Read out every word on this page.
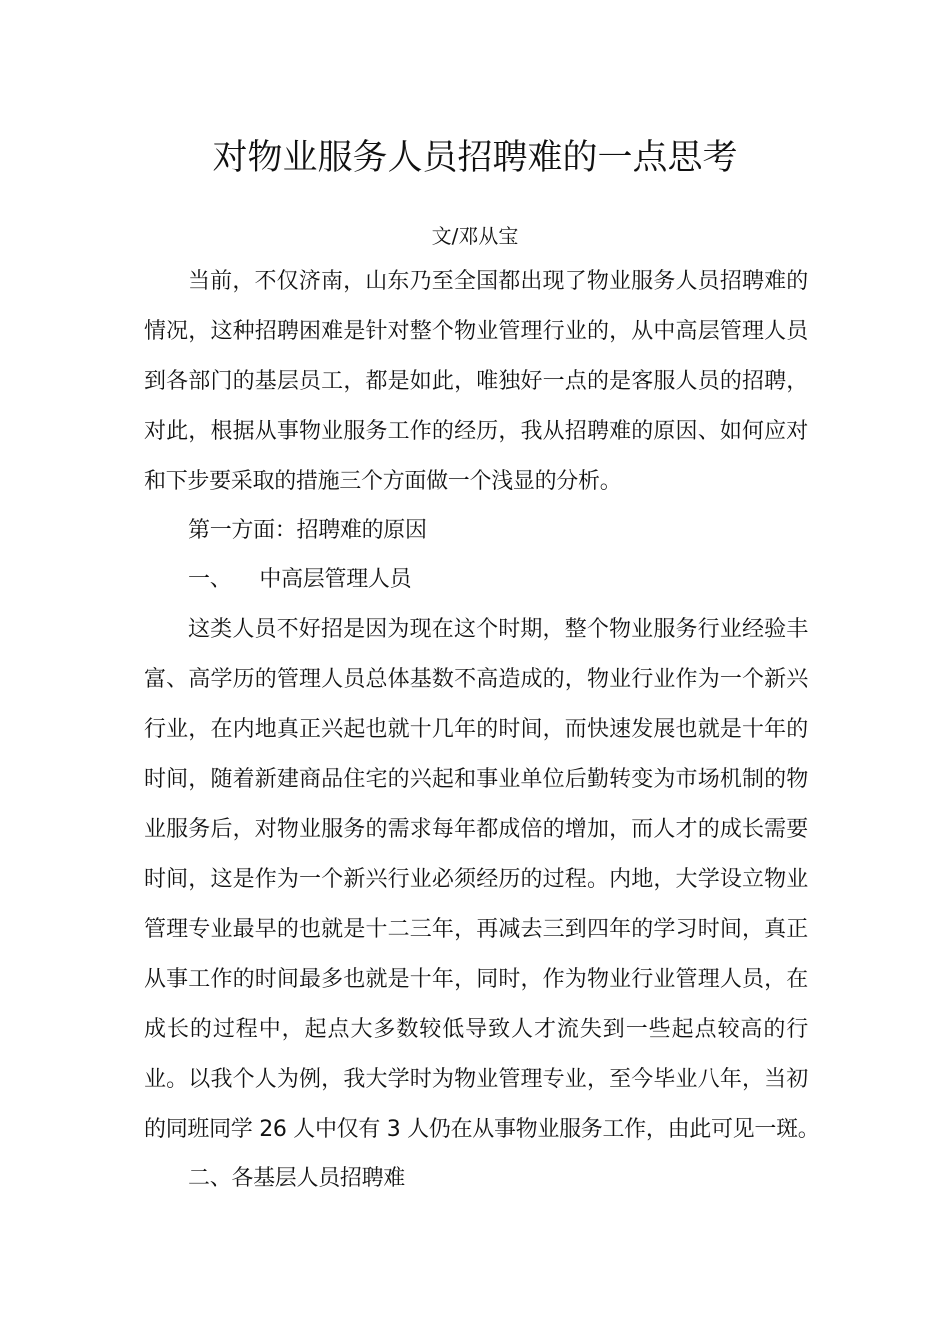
对物业服务人员招聘难的一点思考
文/邓从宝
当前，不仅济南，山东乃至全国都出现了物业服务人员招聘难的
情况，这种招聘困难是针对整个物业管理行业的，从中高层管理人员
到各部门的基层员工，都是如此，唯独好一点的是客服人员的招聘，
对此，根据从事物业服务工作的经历，我从招聘难的原因、如何应对
和下步要采取的措施三个方面做一个浅显的分析。
第一方面：招聘难的原因
一、 中高层管理人员
这类人员不好招是因为现在这个时期，整个物业服务行业经验丰
富、高学历的管理人员总体基数不高造成的，物业行业作为一个新兴
行业，在内地真正兴起也就十几年的时间，而快速发展也就是十年的
时间，随着新建商品住宅的兴起和事业单位后勤转变为市场机制的物
业服务后，对物业服务的需求每年都成倍的增加，而人才的成长需要
时间，这是作为一个新兴行业必须经历的过程。内地，大学设立物业
管理专业最早的也就是十二三年，再减去三到四年的学习时间，真正
从事工作的时间最多也就是十年，同时，作为物业行业管理人员，在
成长的过程中，起点大多数较低导致人才流失到一些起点较高的行
业。以我个人为例，我大学时为物业管理专业，至今毕业八年，当初
的同班同学 26 人中仅有 3 人仍在从事物业服务工作，由此可见一斑。
二、各基层人员招聘难
